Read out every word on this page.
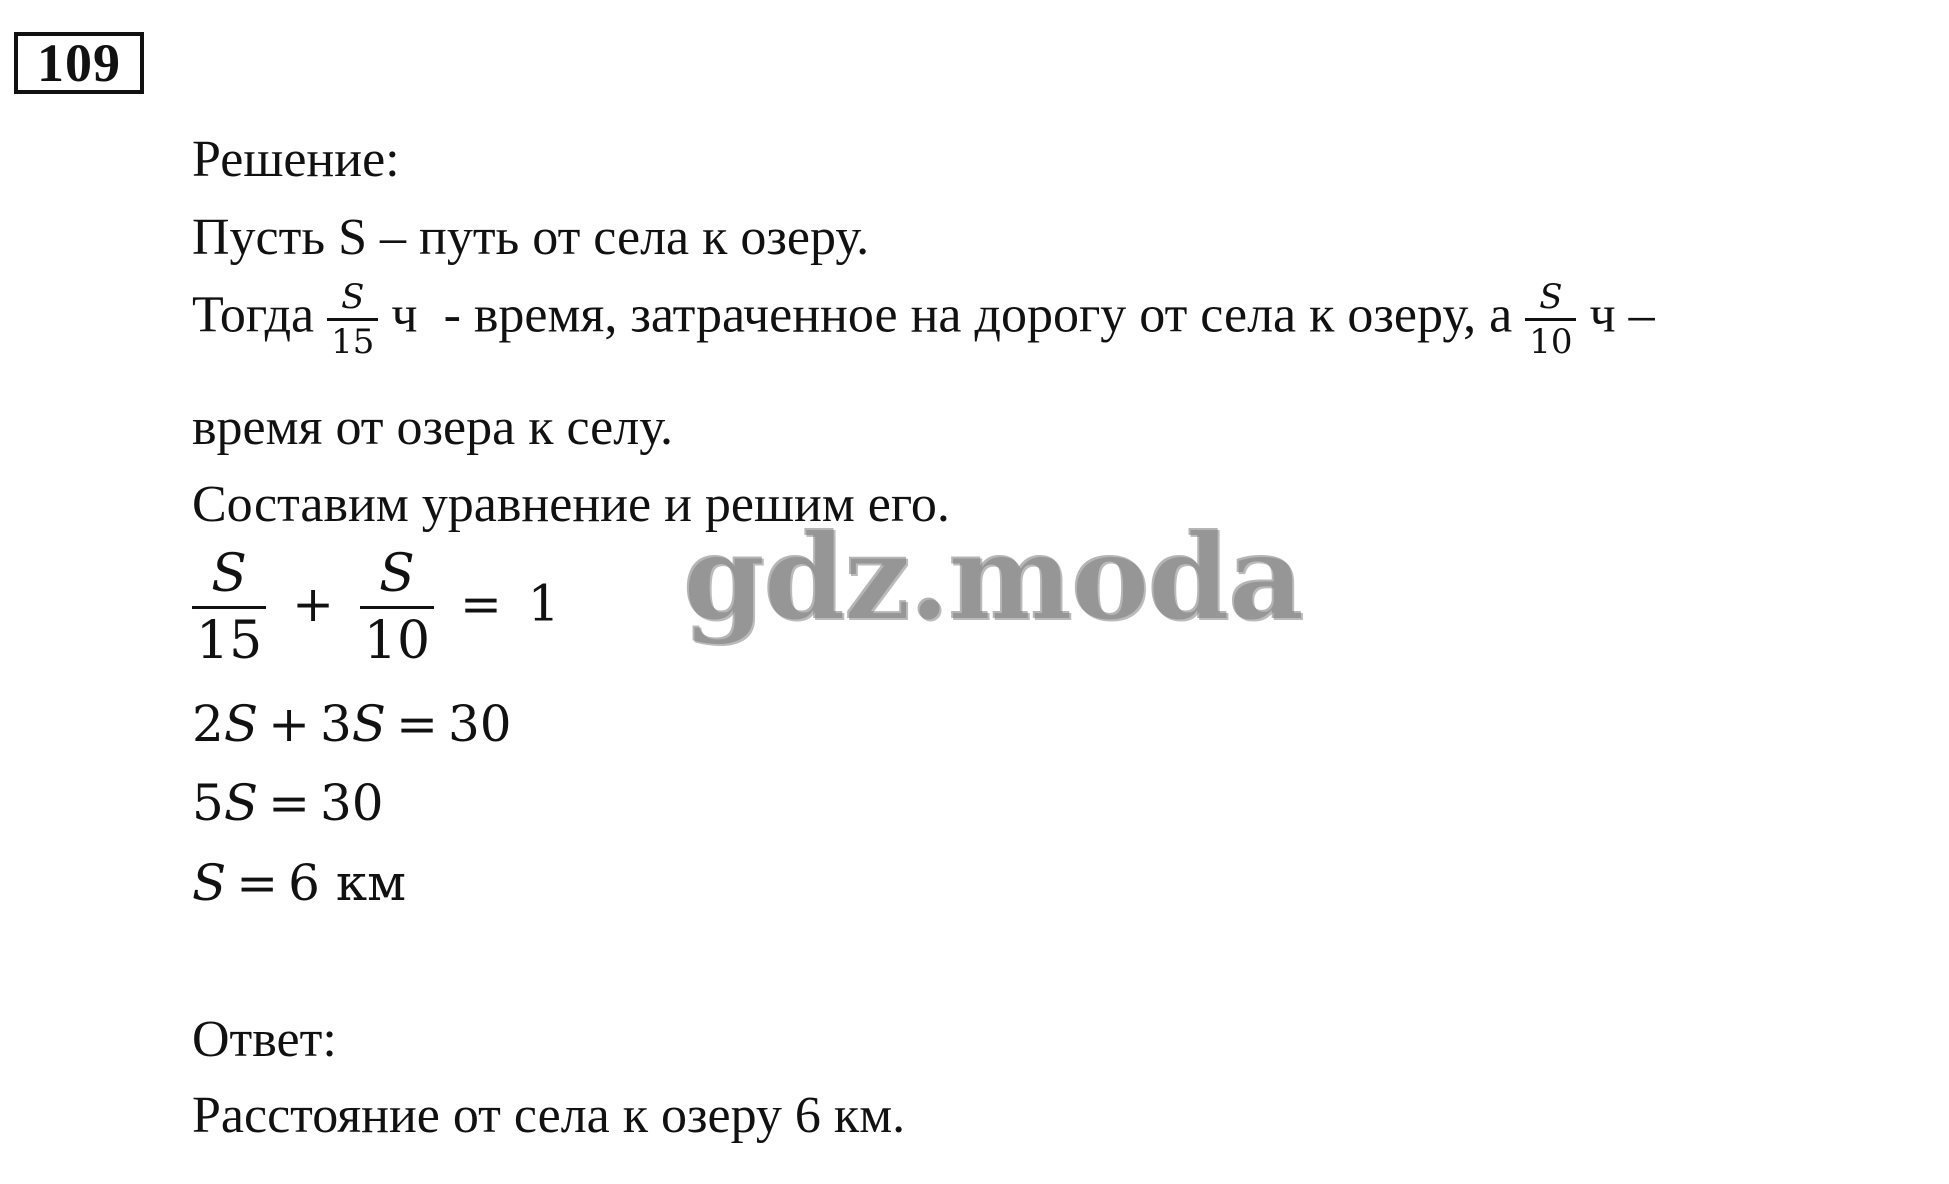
109
Решение:
Пусть S – путь от села к озеру.
Тогда $\frac{S}{15}$ ч - время, затраченное на дорогу от села к озеру, а $\frac{S}{10}$ ч –
время от озера к селу.
Составим уравнение и решим его.
$\frac{S}{15} + \frac{S}{10} = 1$
2S + 3S = 30
5S = 30
S = 6 км
Ответ:
Расстояние от села к озеру 6 км.
gdz.moda
